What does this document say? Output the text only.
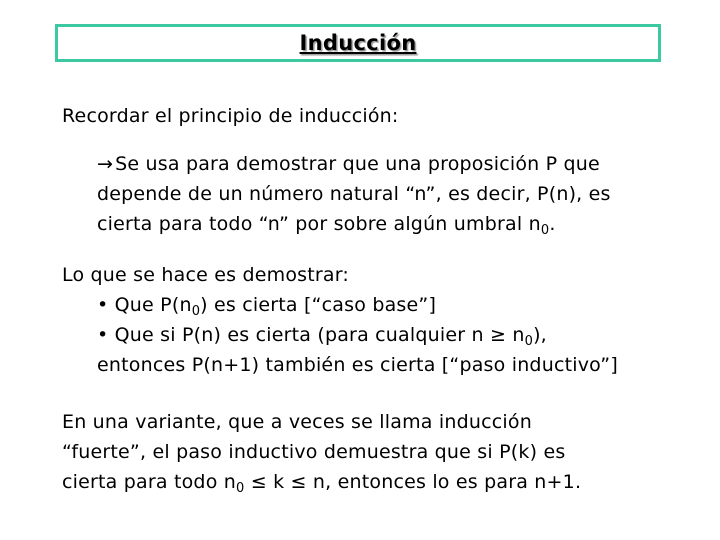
Inducción
Recordar el principio de inducción:
→ Se usa para demostrar que una proposición P que
depende de un número natural “n”, es decir, P(n), es
cierta para todo “n” por sobre algún umbral $n_0$.
Lo que se hace es demostrar:
• Que $P(n_0)$ es cierta [“caso base”]
• Que si P(n) es cierta (para cualquier $n \ge n_0$),
entonces P(n+1) también es cierta [“paso inductivo”]
En una variante, que a veces se llama inducción
“fuerte”, el paso inductivo demuestra que si P(k) es
cierta para todo $n_0 \le k \le n$, entonces lo es para n+1.
